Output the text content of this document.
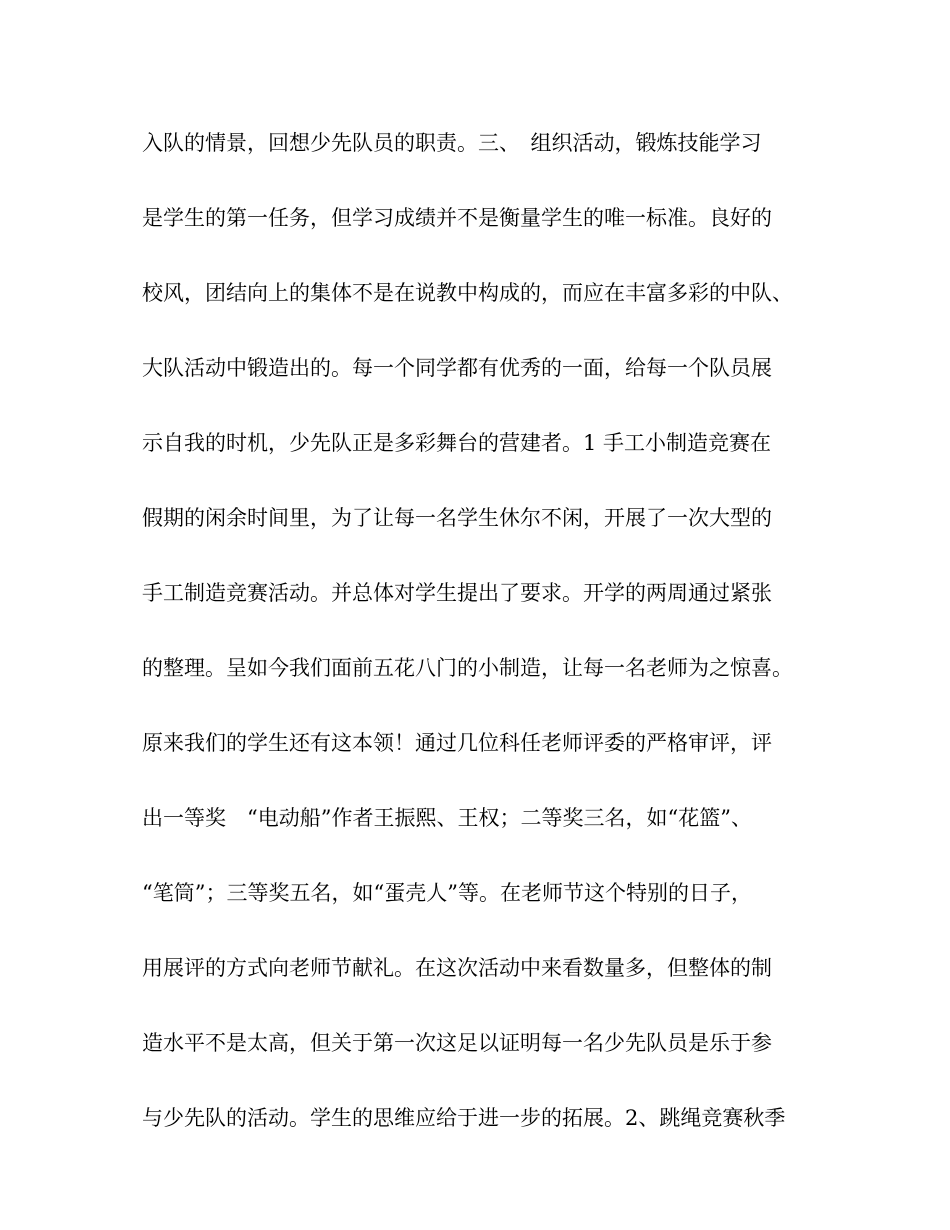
入队的情景，回想少先队员的职责。三、　组织活动，锻炼技能学习
是学生的第一任务，但学习成绩并不是衡量学生的唯一标准。良好的
校风，团结向上的集体不是在说教中构成的，而应在丰富多彩的中队、
大队活动中锻造出的。每一个同学都有优秀的一面，给每一个队员展
示自我的时机，少先队正是多彩舞台的营建者。1 手工小制造竞赛在
假期的闲余时间里，为了让每一名学生休尔不闲，开展了一次大型的
手工制造竞赛活动。并总体对学生提出了要求。开学的两周通过紧张
的整理。呈如今我们面前五花八门的小制造，让每一名老师为之惊喜。
原来我们的学生还有这本领！通过几位科任老师评委的严格审评，评
出一等奖　“电动船”作者王振熙、王权；二等奖三名，如“花篮”、
“笔筒”；三等奖五名，如“蛋壳人”等。在老师节这个特别的日子，
用展评的方式向老师节献礼。在这次活动中来看数量多，但整体的制
造水平不是太高，但关于第一次这足以证明每一名少先队员是乐于参
与少先队的活动。学生的思维应给于进一步的拓展。2、跳绳竞赛秋季
